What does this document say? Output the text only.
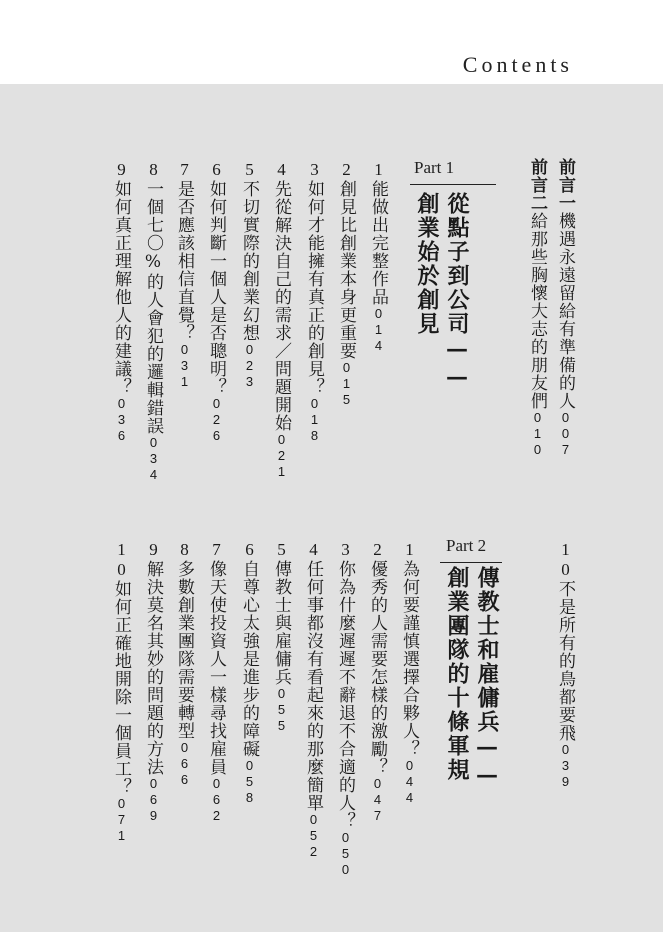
Contents
前言一機遇永遠留給有準備的人007
前言二給那些胸懷大志的朋友們010
Part 1
從點子到公司——
創業始於創見
1能做出完整作品014
2創見比創業本身更重要015
3如何才能擁有真正的創見？018
4先從解決自己的需求／問題開始021
5不切實際的創業幻想023
6如何判斷一個人是否聰明？026
7是否應該相信直覺？031
8一個七〇%的人會犯的邏輯錯誤034
9如何真正理解他人的建議？036
10不是所有的鳥都要飛039
Part 2
傳教士和雇傭兵——
創業團隊的十條軍規
1為何要謹慎選擇合夥人？044
2優秀的人需要怎樣的激勵？047
3你為什麼遲遲不辭退不合適的人？050
4任何事都沒有看起來的那麼簡單052
5傳教士與雇傭兵055
6自尊心太強是進步的障礙058
7像天使投資人一樣尋找雇員062
8多數創業團隊需要轉型066
9解決莫名其妙的問題的方法069
10如何正確地開除一個員工？071
